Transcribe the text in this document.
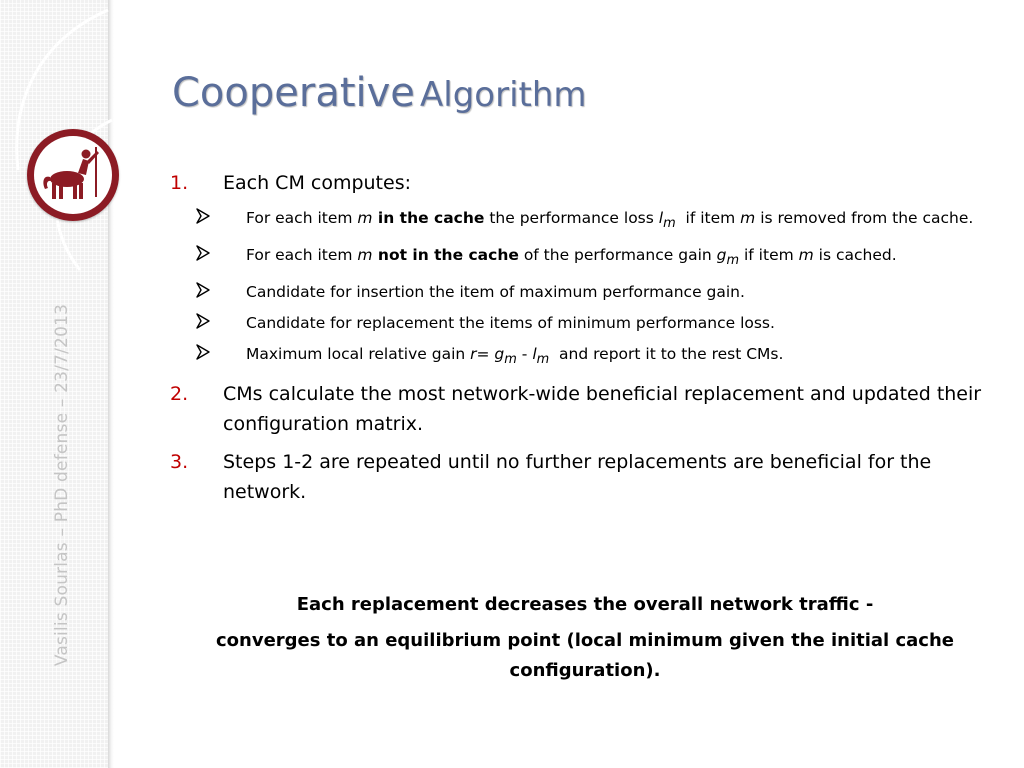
Vasilis Sourlas – PhD defense – 23/7/2013
Cooperative Algorithm
1. Each CM computes:
For each item m in the cache the performance loss $l_m$  if item m is removed from the cache.
For each item m not in the cache of the performance gain $g_m$ if item m is cached.
Candidate for insertion the item of maximum performance gain.
Candidate for replacement the items of minimum performance loss.
Maximum local relative gain $r= g_m - l_m$  and report it to the rest CMs.
2. CMs calculate the most network-wide beneficial replacement and updated their configuration matrix.
3. Steps 1-2 are repeated until no further replacements are beneficial for the network.

Each replacement decreases the overall network traffic -

converges to an equilibrium point (local minimum given the initial cache configuration).
